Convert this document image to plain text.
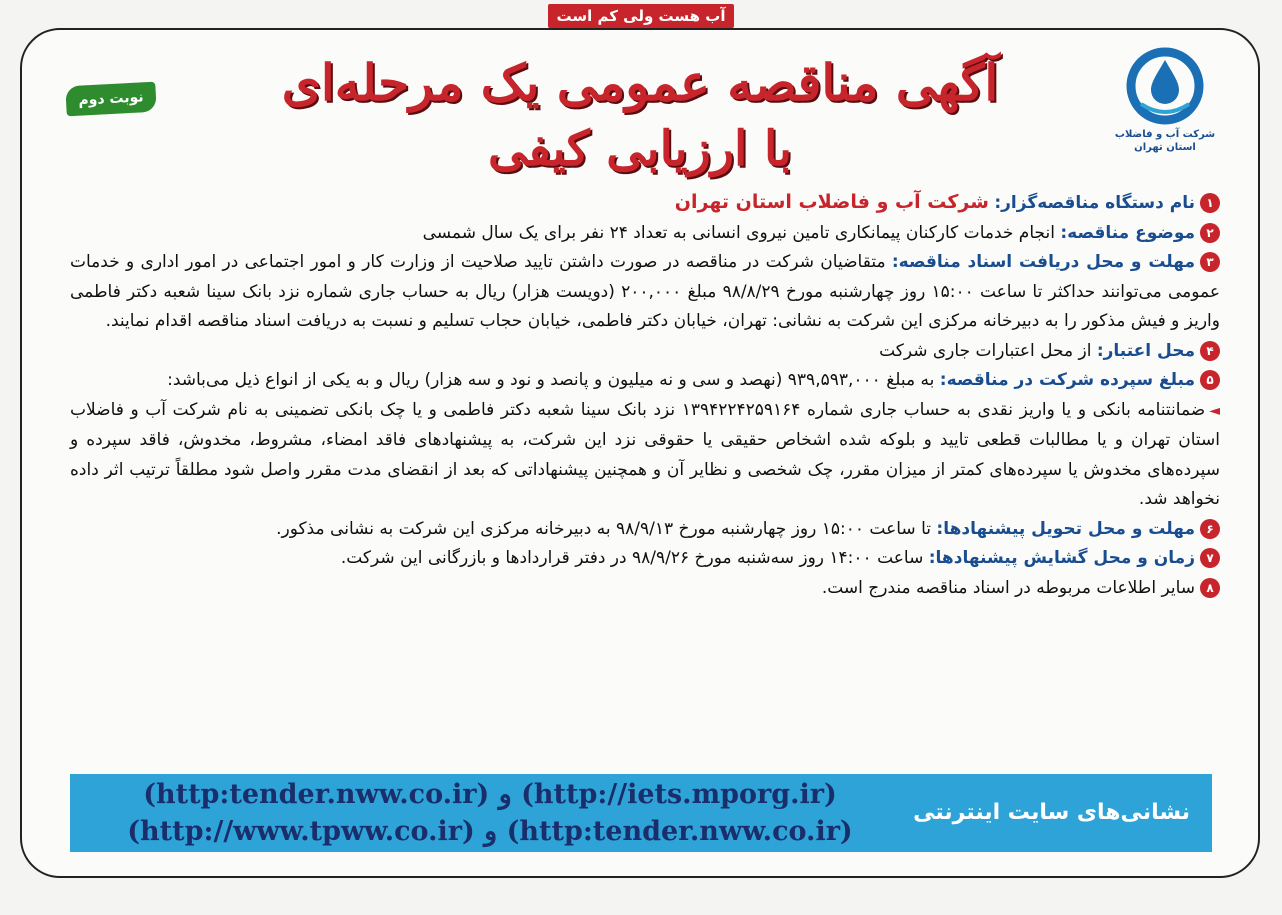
آب هست ولی کم است
شرکت آب و فاضلاب
استان تهران
نوبت دوم	آگهی مناقصه عمومی یک مرحله‌ای
با ارزیابی کیفی

۱نام دستگاه مناقصه‌گزار: شرکت آب و فاضلاب استان تهران

۲موضوع مناقصه: انجام خدمات کارکنان پیمانکاری تامین نیروی انسانی به تعداد ۲۴ نفر برای یک سال شمسی

۳مهلت و محل دریافت اسناد مناقصه: متقاضیان شرکت در مناقصه در صورت داشتن تایید صلاحیت از وزارت کار و امور اجتماعی در امور اداری و خدمات عمومی می‌توانند حداکثر تا ساعت ۱۵:۰۰ روز چهارشنبه مورخ ۹۸/۸/۲۹ مبلغ ۲۰۰,۰۰۰ (دویست هزار) ریال به حساب جاری شماره نزد بانک سینا شعبه دکتر فاطمی واریز و فیش مذکور را به دبیرخانه مرکزی این شرکت به نشانی: تهران، خیابان دکتر فاطمی، خیابان حجاب تسلیم و نسبت به دریافت اسناد مناقصه اقدام نمایند.

۴محل اعتبار: از محل اعتبارات جاری شرکت

۵مبلغ سپرده شرکت در مناقصه: به مبلغ ۹۳۹,۵۹۳,۰۰۰ (نهصد و سی و نه میلیون و پانصد و نود و سه هزار) ریال و به یکی از انواع ذیل می‌باشد:

◄ضمانتنامه بانکی و یا واریز نقدی به حساب جاری شماره ۱۳۹۴۲۲۴۲۵۹۱۶۴ نزد بانک سینا شعبه دکتر فاطمی و یا چک بانکی تضمینی به نام شرکت آب و فاضلاب استان تهران و یا مطالبات قطعی تایید و بلوکه شده اشخاص حقیقی یا حقوقی نزد این شرکت، به پیشنهادهای فاقد امضاء، مشروط، مخدوش، فاقد سپرده و سپرده‌های مخدوش یا سپرده‌های کمتر از میزان مقرر، چک شخصی و نظایر آن و همچنین پیشنهاداتی که بعد از انقضای مدت مقرر واصل شود مطلقاً ترتیب اثر داده نخواهد شد.

۶مهلت و محل تحویل پیشنهادها: تا ساعت ۱۵:۰۰ روز چهارشنبه مورخ ۹۸/۹/۱۳ به دبیرخانه مرکزی این شرکت به نشانی مذکور.

۷زمان و محل گشایش پیشنهادها: ساعت ۱۴:۰۰ روز سه‌شنبه مورخ ۹۸/۹/۲۶ در دفتر قراردادها و بازرگانی این شرکت.

۸سایر اطلاعات مربوطه در اسناد مناقصه مندرج است.

نشانی‌های سایت اینترنتی
(http:tender.nww.co.ir) و (http://iets.mporg.ir)
(http://www.tpww.co.ir) و (http:tender.nww.co.ir)
